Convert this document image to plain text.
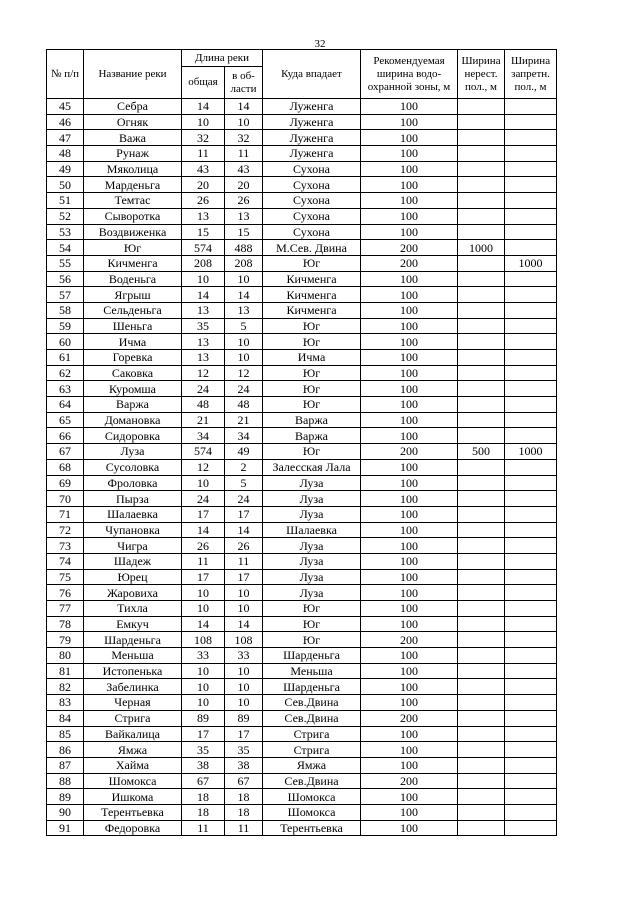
32
№ п/п	Название реки	Длина реки		Куда впадает	Рекомендуемая ширина водо-охранной зоны, м	Ширина нерест. пол., м	Ширина запретн. пол., м
		общая	в об-ласти				
45	Себра	14	14	Луженга	100		
46	Огняк	10	10	Луженга	100		
47	Важа	32	32	Луженга	100		
48	Рунаж	11	11	Луженга	100		
49	Мяколица	43	43	Сухона	100		
50	Марденьга	20	20	Сухона	100		
51	Темтас	26	26	Сухона	100		
52	Сыворотка	13	13	Сухона	100		
53	Воздвиженка	15	15	Сухона	100		
54	Юг	574	488	М.Сев. Двина	200	1000	
55	Кичменга	208	208	Юг	200		1000
56	Воденьга	10	10	Кичменга	100		
57	Ягрыш	14	14	Кичменга	100		
58	Сельденьга	13	13	Кичменга	100		
59	Шеньга	35	5	Юг	100		
60	Ичма	13	10	Юг	100		
61	Горевка	13	10	Ичма	100		
62	Саковка	12	12	Юг	100		
63	Куромша	24	24	Юг	100		
64	Варжа	48	48	Юг	100		
65	Домановка	21	21	Варжа	100		
66	Сидоровка	34	34	Варжа	100		
67	Луза	574	49	Юг	200	500	1000
68	Сусоловка	12	2	Залесская Лала	100		
69	Фроловка	10	5	Луза	100		
70	Пырза	24	24	Луза	100		
71	Шалаевка	17	17	Луза	100		
72	Чупановка	14	14	Шалаевка	100		
73	Чигра	26	26	Луза	100		
74	Шадеж	11	11	Луза	100		
75	Юрец	17	17	Луза	100		
76	Жаровиха	10	10	Луза	100		
77	Тихла	10	10	Юг	100		
78	Емкуч	14	14	Юг	100		
79	Шарденьга	108	108	Юг	200		
80	Меньша	33	33	Шарденьга	100		
81	Истопенька	10	10	Меньша	100		
82	Забелинка	10	10	Шарденьга	100		
83	Черная	10	10	Сев.Двина	100		
84	Стрига	89	89	Сев.Двина	200		
85	Вайкалица	17	17	Стрига	100		
86	Ямжа	35	35	Стрига	100		
87	Хайма	38	38	Ямжа	100		
88	Шомокса	67	67	Сев.Двина	200		
89	Ишкома	18	18	Шомокса	100		
90	Терентьевка	18	18	Шомокса	100		
91	Федоровка	11	11	Терентьевка	100		
